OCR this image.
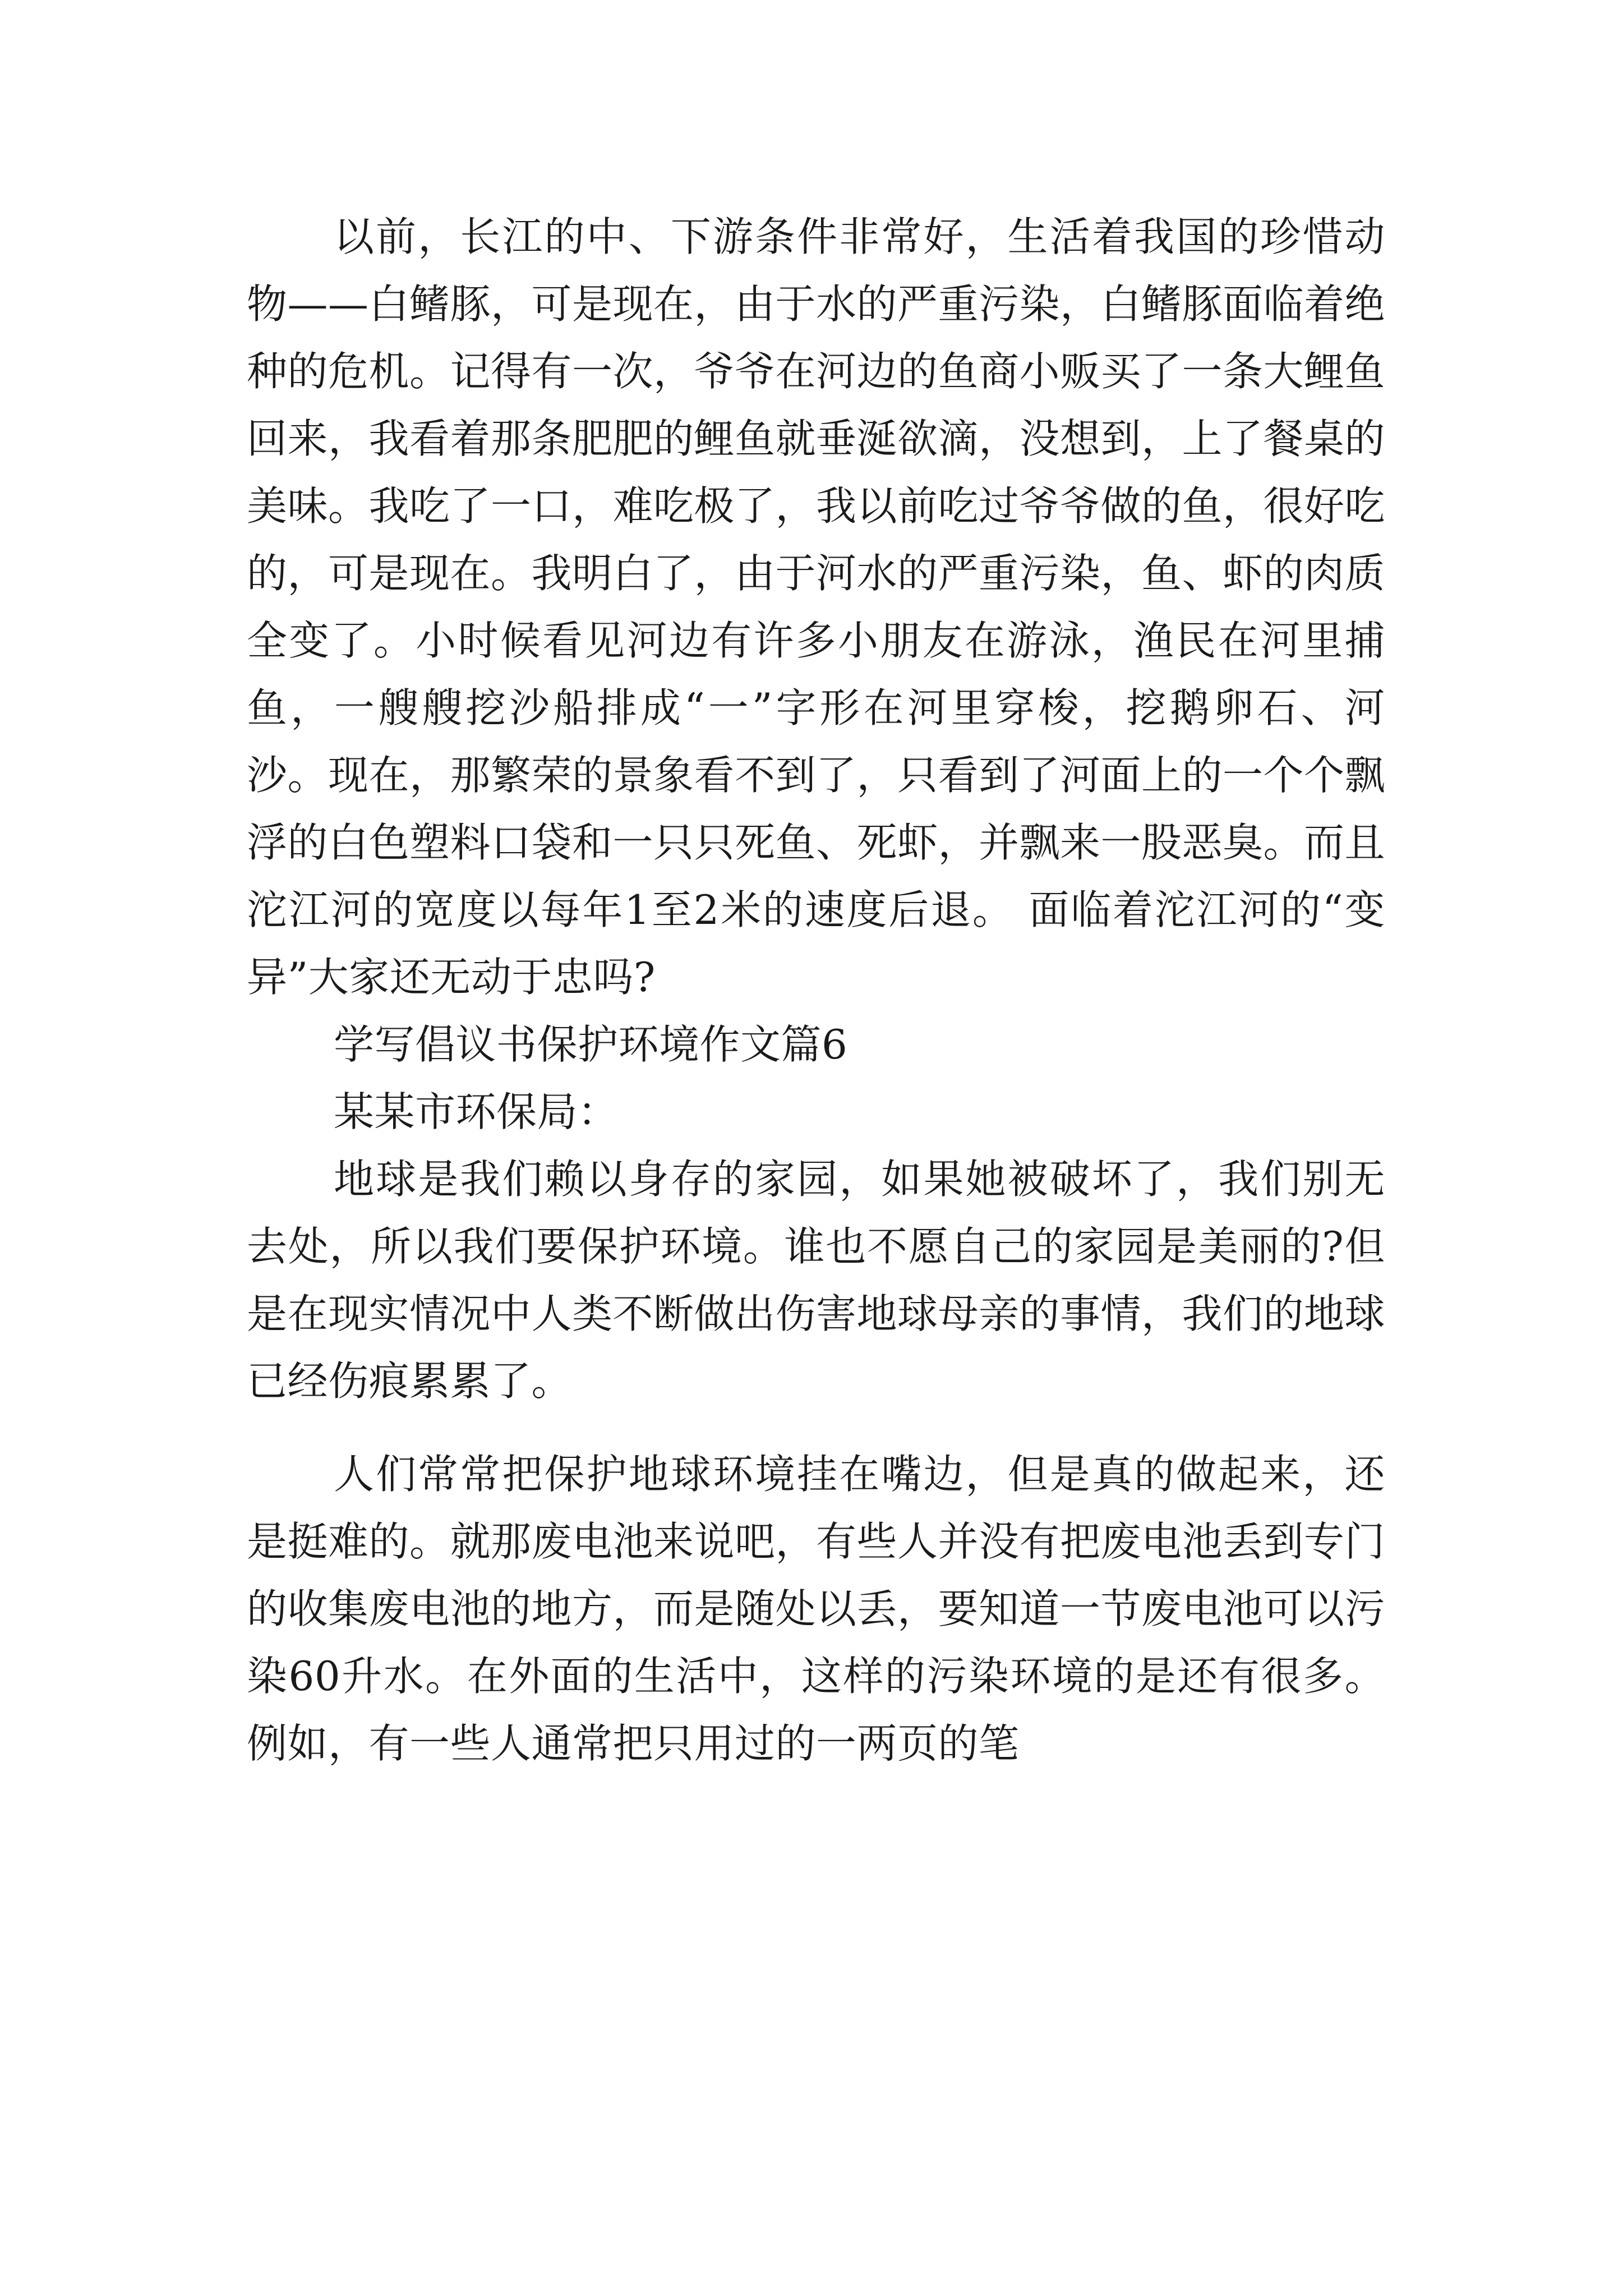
以前，长江的中、下游条件非常好，生活着我国的珍惜动物——白鳍豚，可是现在，由于水的严重污染，白鳍豚面临着绝种的危机。记得有一次，爷爷在河边的鱼商小贩买了一条大鲤鱼回来，我看着那条肥肥的鲤鱼就垂涎欲滴，没想到，上了餐桌的美味。我吃了一口，难吃极了，我以前吃过爷爷做的鱼，很好吃的，可是现在。我明白了，由于河水的严重污染，鱼、虾的肉质全变了。小时候看见河边有许多小朋友在游泳，渔民在河里捕鱼，一艘艘挖沙船排成“一”字形在河里穿梭，挖鹅卵石、河沙。现在，那繁荣的景象看不到了，只看到了河面上的一个个飘浮的白色塑料口袋和一只只死鱼、死虾，并飘来一股恶臭。而且沱江河的宽度以每年1至2米的速度后退。 面临着沱江河的“变异”大家还无动于忠吗?

学写倡议书保护环境作文篇6

某某市环保局：

地球是我们赖以身存的家园，如果她被破坏了，我们别无去处，所以我们要保护环境。谁也不愿自己的家园是美丽的?但是在现实情况中人类不断做出伤害地球母亲的事情，我们的地球已经伤痕累累了。

人们常常把保护地球环境挂在嘴边，但是真的做起来，还是挺难的。就那废电池来说吧，有些人并没有把废电池丢到专门的收集废电池的地方，而是随处以丢，要知道一节废电池可以污染60升水。在外面的生活中，这样的污染环境的是还有很多。例如，有一些人通常把只用过的一两页的笔
